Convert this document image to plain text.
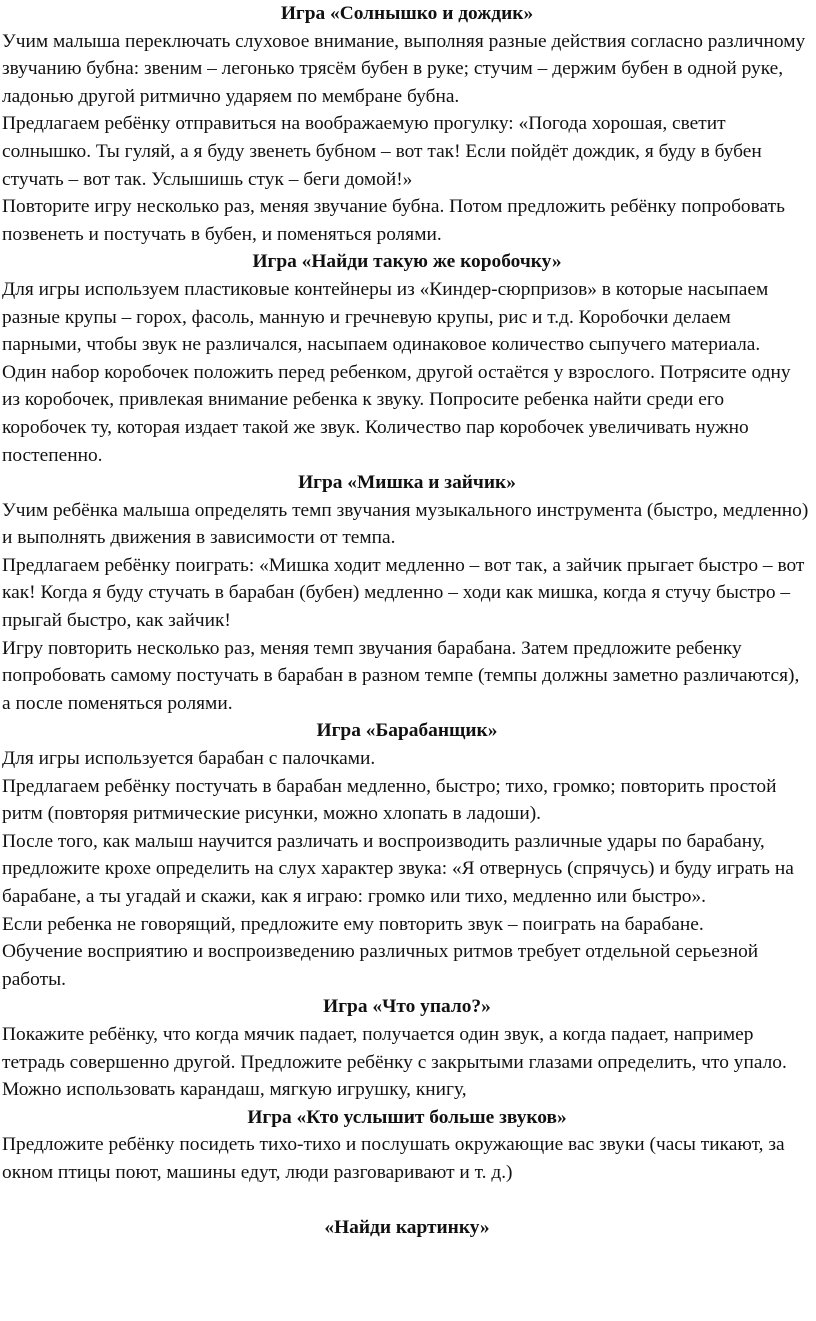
Игра «Солнышко и дождик»

Учим малыша переключать слуховое внимание, выполняя разные действия согласно различному звучанию бубна: звеним – легонько трясём бубен в руке; стучим – держим бубен в одной руке, ладонью другой ритмично ударяем по мембране бубна.

Предлагаем ребёнку отправиться на воображаемую прогулку: «Погода хорошая, светит солнышко. Ты гуляй, а я буду звенеть бубном – вот так! Если пойдёт дождик, я буду в бубен стучать – вот так. Услышишь стук – беги домой!»

Повторите игру несколько раз, меняя звучание бубна. Потом предложить ребёнку попробовать позвенеть и постучать в бубен, и поменяться ролями.

Игра «Найди такую же коробочку»

Для игры используем пластиковые контейнеры из «Киндер-сюрпризов» в которые насыпаем разные крупы – горох, фасоль, манную и гречневую крупы, рис и т.д. Коробочки делаем парными, чтобы звук не различался, насыпаем одинаковое количество сыпучего материала.

Один набор коробочек положить перед ребенком, другой остаётся у взрослого. Потрясите одну из коробочек, привлекая внимание ребенка к звуку. Попросите ребенка найти среди его коробочек ту, которая издает такой же звук. Количество пар коробочек увеличивать нужно постепенно.

Игра «Мишка и зайчик»

Учим ребёнка малыша определять темп звучания музыкального инструмента (быстро, медленно) и выполнять движения в зависимости от темпа.

Предлагаем ребёнку поиграть: «Мишка ходит медленно – вот так, а зайчик прыгает быстро – вот как! Когда я буду стучать в барабан (бубен) медленно – ходи как мишка, когда я стучу быстро – прыгай быстро, как зайчик!

Игру повторить несколько раз, меняя темп звучания барабана. Затем предложите ребенку попробовать самому постучать в барабан в разном темпе (темпы должны заметно различаются), а после поменяться ролями.

Игра «Барабанщик»

Для игры используется барабан с палочками.

Предлагаем ребёнку постучать в барабан медленно, быстро; тихо, громко; повторить простой ритм (повторяя ритмические рисунки, можно хлопать в ладоши).

После того, как малыш научится различать и воспроизводить различные удары по барабану, предложите крохе определить на слух характер звука: «Я отвернусь (спрячусь) и буду играть на барабане, а ты угадай и скажи, как я играю: громко или тихо, медленно или быстро».

Если ребенка не говорящий, предложите ему повторить звук – поиграть на барабане.

Обучение восприятию и воспроизведению различных ритмов требует отдельной серьезной работы.

Игра «Что упало?»

Покажите ребёнку, что когда мячик падает, получается один звук, а когда падает, например тетрадь совершенно другой. Предложите ребёнку с закрытыми глазами определить, что упало. Можно использовать карандаш, мягкую игрушку, книгу,

Игра «Кто услышит больше звуков»

Предложите ребёнку посидеть тихо-тихо и послушать окружающие вас звуки (часы тикают, за окном птицы поют, машины едут, люди разговаривают и т. д.)

«Найди картинку»
